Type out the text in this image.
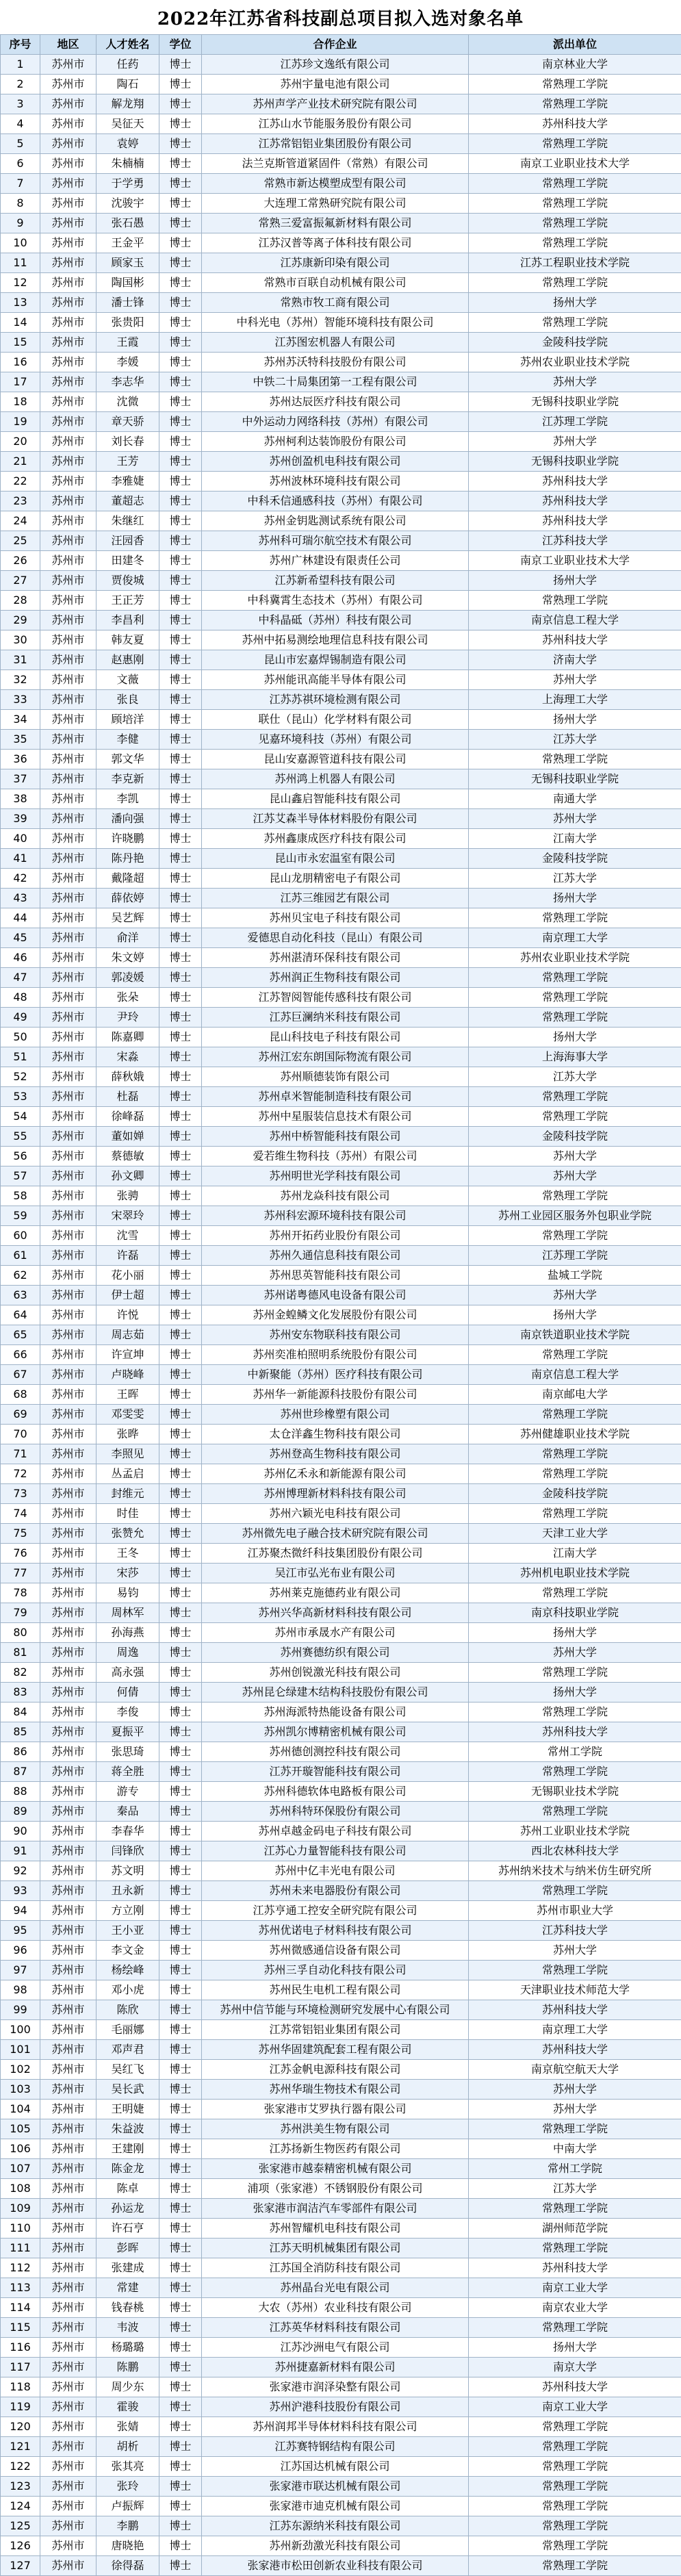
2022年江苏省科技副总项目拟入选对象名单
序号	地区	人才姓名	学位	合作企业	派出单位
1	苏州市	任药	博士	江苏珍文逸纸有限公司	南京林业大学
2	苏州市	陶石	博士	苏州宇量电池有限公司	常熟理工学院
3	苏州市	解龙翔	博士	苏州声学产业技术研究院有限公司	常熟理工学院
4	苏州市	吴征天	博士	江苏山水节能服务股份有限公司	苏州科技大学
5	苏州市	袁婷	博士	江苏常铝铝业集团股份有限公司	常熟理工学院
6	苏州市	朱楠楠	博士	法兰克斯管道紧固件（常熟）有限公司	南京工业职业技术大学
7	苏州市	于学勇	博士	常熟市新达模塑成型有限公司	常熟理工学院
8	苏州市	沈骏宇	博士	大连理工常熟研究院有限公司	常熟理工学院
9	苏州市	张石愚	博士	常熟三爱富振氟新材料有限公司	常熟理工学院
10	苏州市	王金平	博士	江苏汉普等离子体科技有限公司	常熟理工学院
11	苏州市	顾家玉	博士	江苏康新印染有限公司	江苏工程职业技术学院
12	苏州市	陶国彬	博士	常熟市百联自动机械有限公司	常熟理工学院
13	苏州市	潘士锋	博士	常熟市牧工商有限公司	扬州大学
14	苏州市	张贵阳	博士	中科光电（苏州）智能环境科技有限公司	常熟理工学院
15	苏州市	王霞	博士	江苏图宏机器人有限公司	金陵科技学院
16	苏州市	李媛	博士	苏州苏沃特科技股份有限公司	苏州农业职业技术学院
17	苏州市	李志华	博士	中铁二十局集团第一工程有限公司	苏州大学
18	苏州市	沈微	博士	苏州达辰医疗科技有限公司	无锡科技职业学院
19	苏州市	章天骄	博士	中外运动力网络科技（苏州）有限公司	江苏理工学院
20	苏州市	刘长春	博士	苏州柯利达装饰股份有限公司	苏州大学
21	苏州市	王芳	博士	苏州创盈机电科技有限公司	无锡科技职业学院
22	苏州市	李雅婕	博士	苏州波林环境科技有限公司	苏州科技大学
23	苏州市	董超志	博士	中科禾信通感科技（苏州）有限公司	苏州科技大学
24	苏州市	朱继红	博士	苏州金钥匙测试系统有限公司	苏州科技大学
25	苏州市	汪园香	博士	苏州科可瑞尔航空技术有限公司	江苏科技大学
26	苏州市	田建冬	博士	苏州广林建设有限责任公司	南京工业职业技术大学
27	苏州市	贾俊城	博士	江苏新希望科技有限公司	扬州大学
28	苏州市	王正芳	博士	中科冀霄生态技术（苏州）有限公司	常熟理工学院
29	苏州市	李昌利	博士	中科晶砥（苏州）科技有限公司	南京信息工程大学
30	苏州市	韩友夏	博士	苏州中拓易测绘地理信息科技有限公司	苏州科技大学
31	苏州市	赵惠刚	博士	昆山市宏嘉焊锡制造有限公司	济南大学
32	苏州市	文薇	博士	苏州能讯高能半导体有限公司	苏州大学
33	苏州市	张良	博士	江苏苏祺环境检测有限公司	上海理工大学
34	苏州市	顾培洋	博士	联仕（昆山）化学材料有限公司	扬州大学
35	苏州市	李健	博士	见嘉环境科技（苏州）有限公司	江苏大学
36	苏州市	郭文华	博士	昆山安嘉源管道科技有限公司	常熟理工学院
37	苏州市	李克新	博士	苏州鸿上机器人有限公司	无锡科技职业学院
38	苏州市	李凯	博士	昆山鑫启智能科技有限公司	南通大学
39	苏州市	潘向强	博士	江苏艾森半导体材料股份有限公司	苏州大学
40	苏州市	许晓鹏	博士	苏州鑫康成医疗科技有限公司	江南大学
41	苏州市	陈丹艳	博士	昆山市永宏温室有限公司	金陵科技学院
42	苏州市	戴隆超	博士	昆山龙朋精密电子有限公司	江苏大学
43	苏州市	薛依婷	博士	江苏三维园艺有限公司	扬州大学
44	苏州市	吴艺辉	博士	苏州贝宝电子科技有限公司	常熟理工学院
45	苏州市	俞洋	博士	爱德思自动化科技（昆山）有限公司	南京理工大学
46	苏州市	朱文婷	博士	苏州湛清环保科技有限公司	苏州农业职业技术学院
47	苏州市	郭凌媛	博士	苏州润正生物科技有限公司	常熟理工学院
48	苏州市	张朵	博士	江苏智阅智能传感科技有限公司	常熟理工学院
49	苏州市	尹玲	博士	江苏巨澜纳米科技有限公司	常熟理工学院
50	苏州市	陈嘉卿	博士	昆山科技电子科技有限公司	扬州大学
51	苏州市	宋淼	博士	苏州江宏东朗国际物流有限公司	上海海事大学
52	苏州市	薛秋娥	博士	苏州顺德装饰有限公司	江苏大学
53	苏州市	杜磊	博士	苏州卓米智能制造科技有限公司	常熟理工学院
54	苏州市	徐峰磊	博士	苏州中星服装信息技术有限公司	常熟理工学院
55	苏州市	董如婵	博士	苏州中桥智能科技有限公司	金陵科技学院
56	苏州市	蔡德敏	博士	爱若维生物科技（苏州）有限公司	苏州大学
57	苏州市	孙文卿	博士	苏州明世光学科技有限公司	苏州大学
58	苏州市	张骋	博士	苏州龙焱科技有限公司	常熟理工学院
59	苏州市	宋翠玲	博士	苏州科宏源环境科技有限公司	苏州工业园区服务外包职业学院
60	苏州市	沈雪	博士	苏州开拓药业股份有限公司	常熟理工学院
61	苏州市	许磊	博士	苏州久通信息科技有限公司	江苏理工学院
62	苏州市	花小丽	博士	苏州思英智能科技有限公司	盐城工学院
63	苏州市	伊士超	博士	苏州诺粤德风电设备有限公司	苏州大学
64	苏州市	许悦	博士	苏州金蝗鳞文化发展股份有限公司	扬州大学
65	苏州市	周志茹	博士	苏州安东物联科技有限公司	南京铁道职业技术学院
66	苏州市	许宣坤	博士	苏州奕准柏照明系统股份有限公司	常熟理工学院
67	苏州市	卢晓峰	博士	中新聚能（苏州）医疗科技有限公司	南京信息工程大学
68	苏州市	王晖	博士	苏州华一新能源科技股份有限公司	南京邮电大学
69	苏州市	邓雯雯	博士	苏州世珍橡塑有限公司	常熟理工学院
70	苏州市	张晔	博士	太仓洋鑫生物科技有限公司	苏州健雄职业技术学院
71	苏州市	李照见	博士	苏州登高生物科技有限公司	常熟理工学院
72	苏州市	丛孟启	博士	苏州亿禾永和新能源有限公司	常熟理工学院
73	苏州市	封维元	博士	苏州博理新材料科技有限公司	金陵科技学院
74	苏州市	时佳	博士	苏州六颖光电科技有限公司	常熟理工学院
75	苏州市	张赞允	博士	苏州微先电子融合技术研究院有限公司	天津工业大学
76	苏州市	王冬	博士	江苏聚杰微纤科技集团股份有限公司	江南大学
77	苏州市	宋莎	博士	吴江市弘光布业有限公司	苏州机电职业技术学院
78	苏州市	易钧	博士	苏州莱克施德药业有限公司	常熟理工学院
79	苏州市	周林军	博士	苏州兴华高新材料科技有限公司	南京科技职业学院
80	苏州市	孙海燕	博士	苏州市承晟水产有限公司	扬州大学
81	苏州市	周逸	博士	苏州赛德纺织有限公司	苏州大学
82	苏州市	高永强	博士	苏州创锐激光科技有限公司	常熟理工学院
83	苏州市	何倩	博士	苏州昆仑绿建木结构科技股份有限公司	扬州大学
84	苏州市	李俊	博士	苏州海派特热能设备有限公司	常熟理工学院
85	苏州市	夏振平	博士	苏州凯尔博精密机械有限公司	苏州科技大学
86	苏州市	张思琦	博士	苏州德创测控科技有限公司	常州工学院
87	苏州市	蒋全胜	博士	江苏开璇智能科技有限公司	常熟理工学院
88	苏州市	游专	博士	苏州科德软体电路板有限公司	无锡职业技术学院
89	苏州市	秦品	博士	苏州科特环保股份有限公司	常熟理工学院
90	苏州市	李春华	博士	苏州卓越金码电子科技有限公司	苏州工业职业技术学院
91	苏州市	闫锋欣	博士	江苏心力量智能科技有限公司	西北农林科技大学
92	苏州市	苏文明	博士	苏州中亿丰光电有限公司	苏州纳米技术与纳米仿生研究所
93	苏州市	丑永新	博士	苏州未来电器股份有限公司	常熟理工学院
94	苏州市	方立刚	博士	江苏亨通工控安全研究院有限公司	苏州市职业大学
95	苏州市	王小亚	博士	苏州优诺电子材料科技有限公司	江苏科技大学
96	苏州市	李文金	博士	苏州微感通信设备有限公司	苏州大学
97	苏州市	杨绘峰	博士	苏州三孚自动化科技有限公司	常熟理工学院
98	苏州市	邓小虎	博士	苏州民生电机工程有限公司	天津职业技术师范大学
99	苏州市	陈欣	博士	苏州中信节能与环境检测研究发展中心有限公司	苏州科技大学
100	苏州市	毛丽娜	博士	江苏常铝铝业集团有限公司	南京理工大学
101	苏州市	邓声君	博士	苏州华固建筑配套工程有限公司	苏州科技大学
102	苏州市	吴红飞	博士	江苏金帆电源科技有限公司	南京航空航天大学
103	苏州市	吴长武	博士	苏州华瑞生物技术有限公司	苏州大学
104	苏州市	王明婕	博士	张家港市艾罗执行器有限公司	苏州大学
105	苏州市	朱益波	博士	苏州洪美生物有限公司	常熟理工学院
106	苏州市	王建刚	博士	江苏扬新生物医药有限公司	中南大学
107	苏州市	陈金龙	博士	张家港市越泰精密机械有限公司	常州工学院
108	苏州市	陈卓	博士	浦项（张家港）不锈钢股份有限公司	江苏大学
109	苏州市	孙运龙	博士	张家港市润洁汽车零部件有限公司	常熟理工学院
110	苏州市	许石亨	博士	苏州智耀机电科技有限公司	湖州师范学院
111	苏州市	彭晖	博士	江苏天明机械集团有限公司	常熟理工学院
112	苏州市	张建成	博士	江苏国全消防科技有限公司	苏州科技大学
113	苏州市	常建	博士	苏州晶台光电有限公司	南京工业大学
114	苏州市	钱春桃	博士	大农（苏州）农业科技有限公司	南京农业大学
115	苏州市	韦波	博士	江苏英华材料科技有限公司	常熟理工学院
116	苏州市	杨璐璐	博士	江苏沙洲电气有限公司	扬州大学
117	苏州市	陈鹏	博士	苏州捷嘉新材料有限公司	南京大学
118	苏州市	周少东	博士	张家港市润泽染整有限公司	苏州科技大学
119	苏州市	霍骏	博士	苏州沪港科技股份有限公司	南京工业大学
120	苏州市	张婧	博士	苏州润邦半导体材料科技有限公司	常熟理工学院
121	苏州市	胡析	博士	江苏赛特钢结构有限公司	常熟理工学院
122	苏州市	张其亮	博士	江苏国达机械有限公司	常熟理工学院
123	苏州市	张玲	博士	张家港市联达机械有限公司	常熟理工学院
124	苏州市	卢振辉	博士	张家港市迪克机械有限公司	常熟理工学院
125	苏州市	李鹏	博士	江苏东源纳米科技有限公司	常熟理工学院
126	苏州市	唐晓艳	博士	苏州新劲激光科技有限公司	常熟理工学院
127	苏州市	徐得磊	博士	张家港市松田创新农业科技有限公司	常熟理工学院
